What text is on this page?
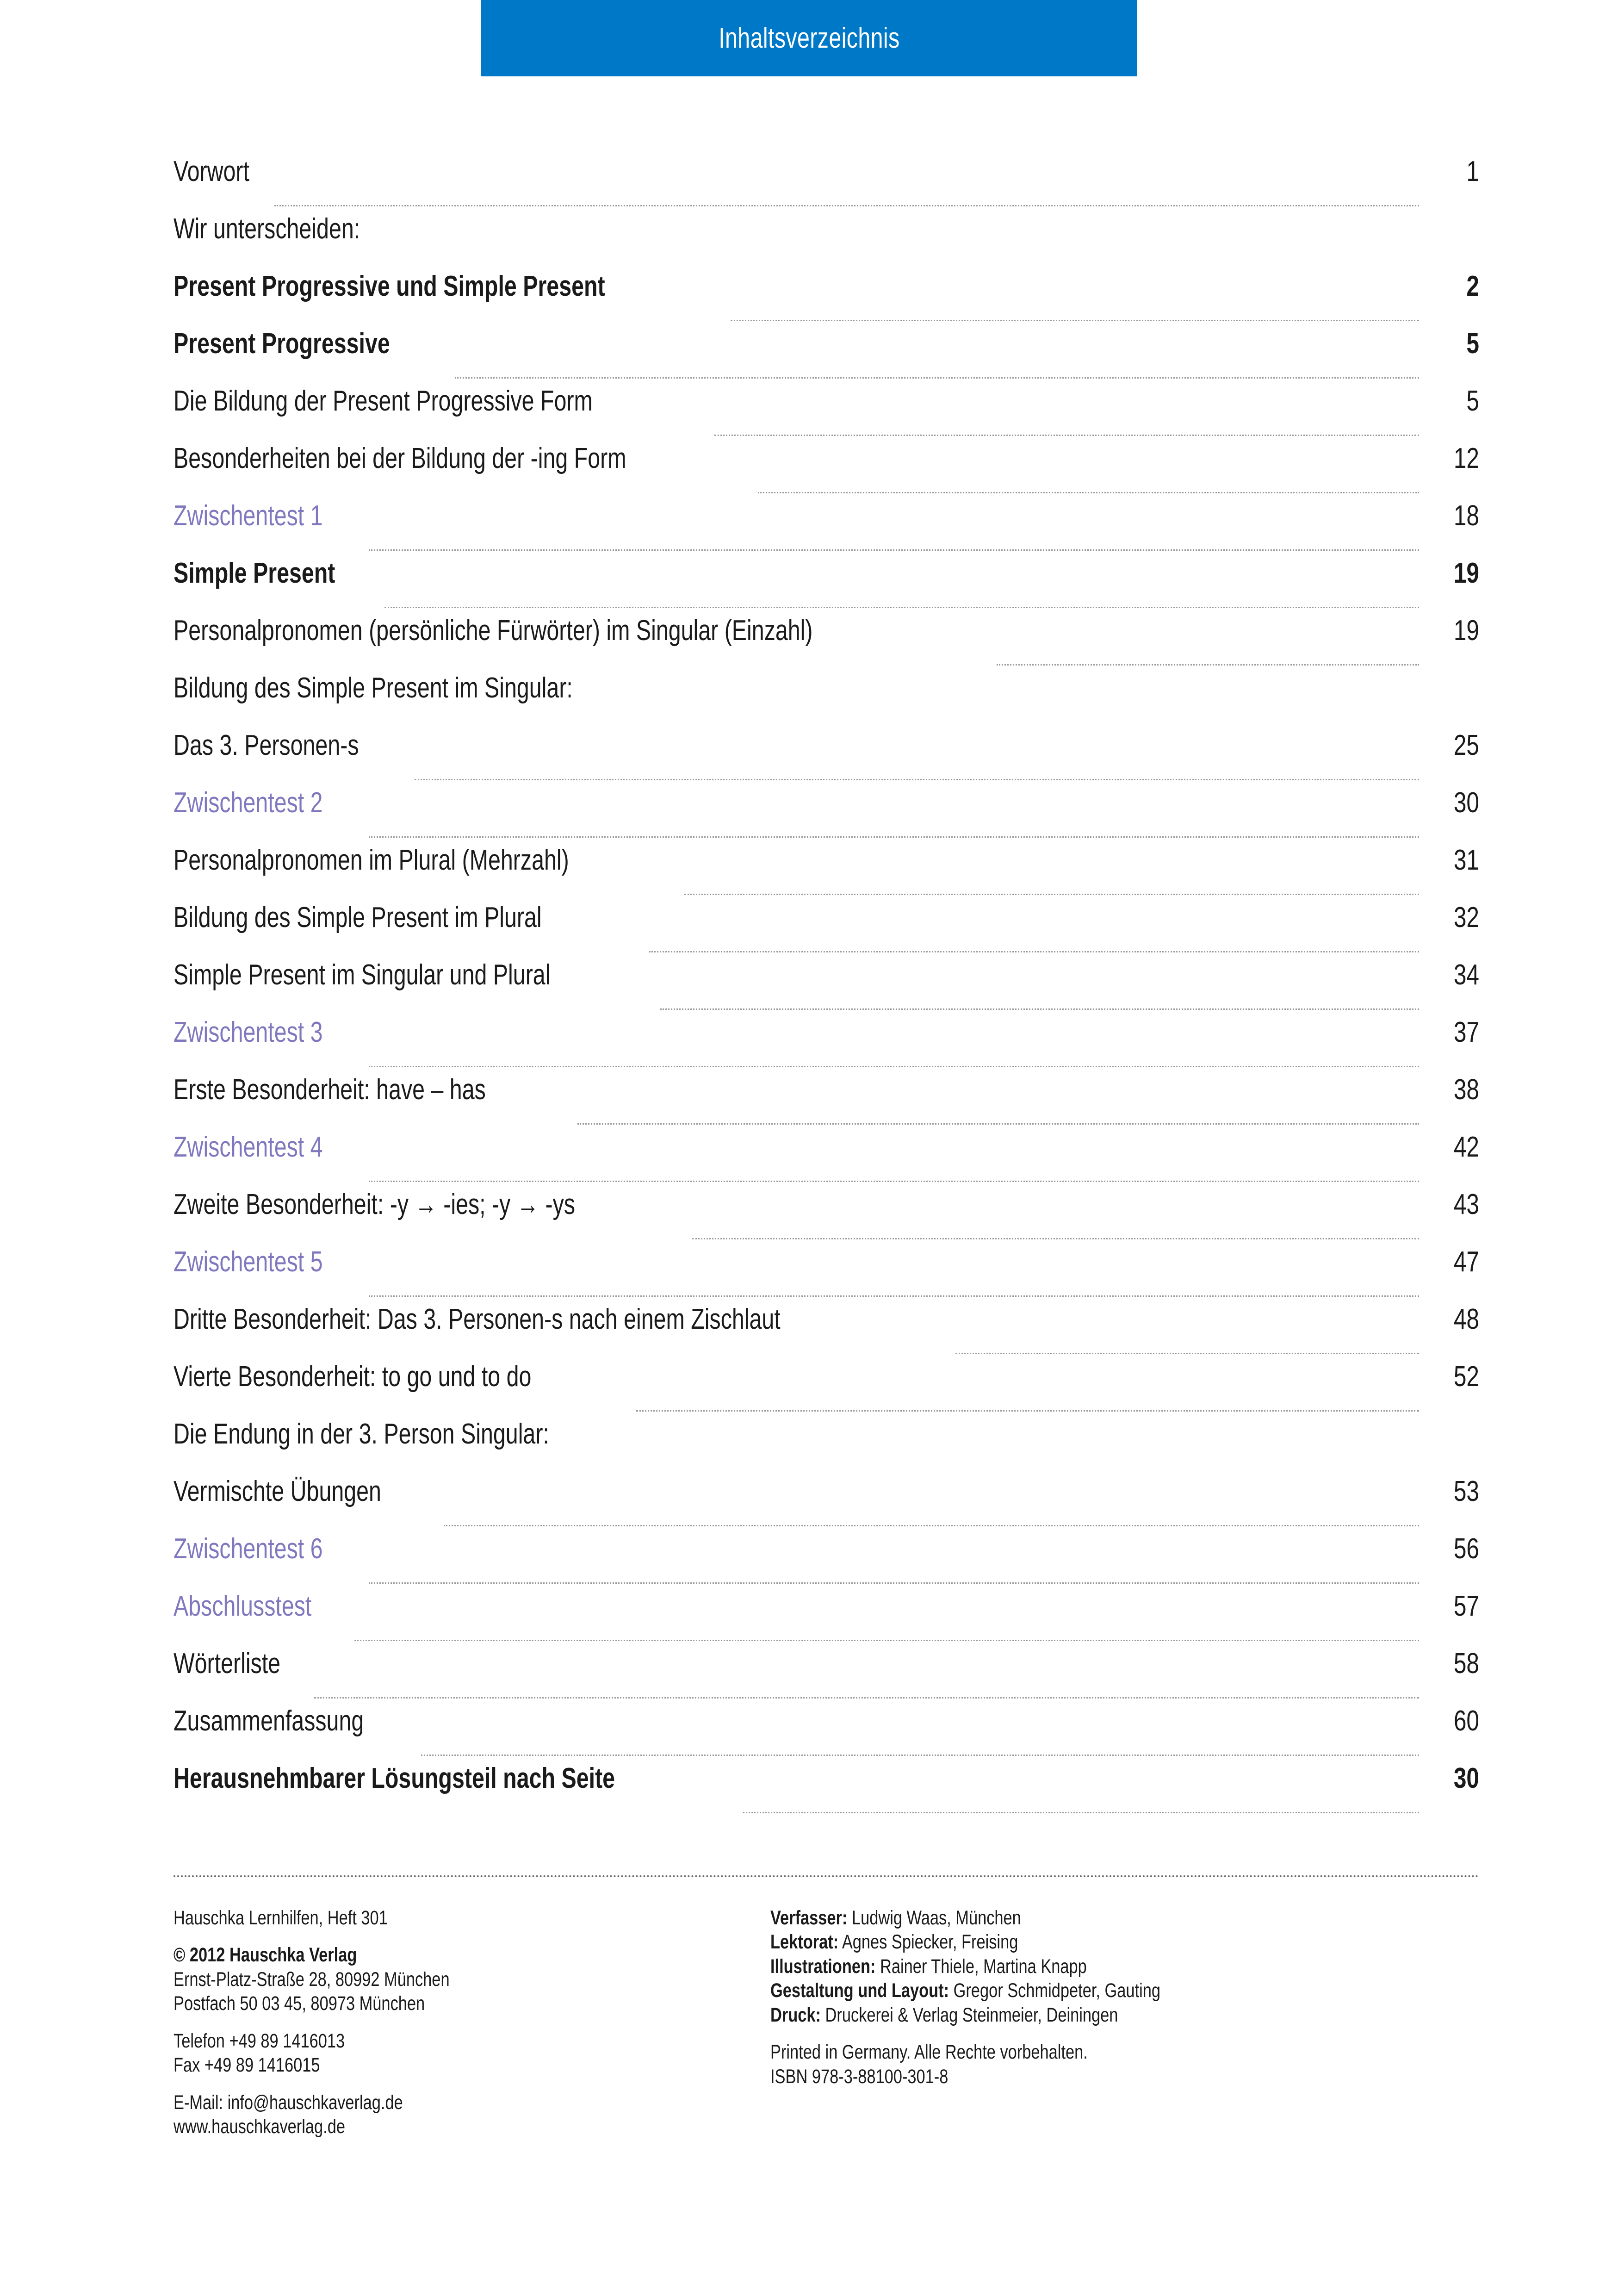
Inhaltsverzeichnis
Vorwort	1
Wir unterscheiden:
Present Progressive und Simple Present	2
Present Progressive	5
Die Bildung der Present Progressive Form	5
Besonderheiten bei der Bildung der -ing Form	12
Zwischentest 1	18
Simple Present	19
Personalpronomen (persönliche Fürwörter) im Singular (Einzahl)	19
Bildung des Simple Present im Singular:
Das 3. Personen-s	25
Zwischentest 2	30
Personalpronomen im Plural (Mehrzahl)	31
Bildung des Simple Present im Plural	32
Simple Present im Singular und Plural	34
Zwischentest 3	37
Erste Besonderheit: have – has	38
Zwischentest 4	42
Zweite Besonderheit: -y → -ies; -y → -ys	43
Zwischentest 5	47
Dritte Besonderheit: Das 3. Personen-s nach einem Zischlaut	48
Vierte Besonderheit: to go und to do	52
Die Endung in der 3. Person Singular:
Vermischte Übungen	53
Zwischentest 6	56
Abschlusstest	57
Wörterliste	58
Zusammenfassung	60
Herausnehmbarer Lösungsteil nach Seite	30
Hauschka Lernhilfen, Heft 301
© 2012 Hauschka Verlag
Ernst-Platz-Straße 28, 80992 München
Postfach 50 03 45, 80973 München
Telefon +49 89 1416013
Fax +49 89 1416015
E-Mail: info@hauschkaverlag.de
www.hauschkaverlag.de
Verfasser: Ludwig Waas, München
Lektorat: Agnes Spiecker, Freising
Illustrationen: Rainer Thiele, Martina Knapp
Gestaltung und Layout: Gregor Schmidpeter, Gauting
Druck: Druckerei & Verlag Steinmeier, Deiningen
Printed in Germany. Alle Rechte vorbehalten.
ISBN 978-3-88100-301-8
